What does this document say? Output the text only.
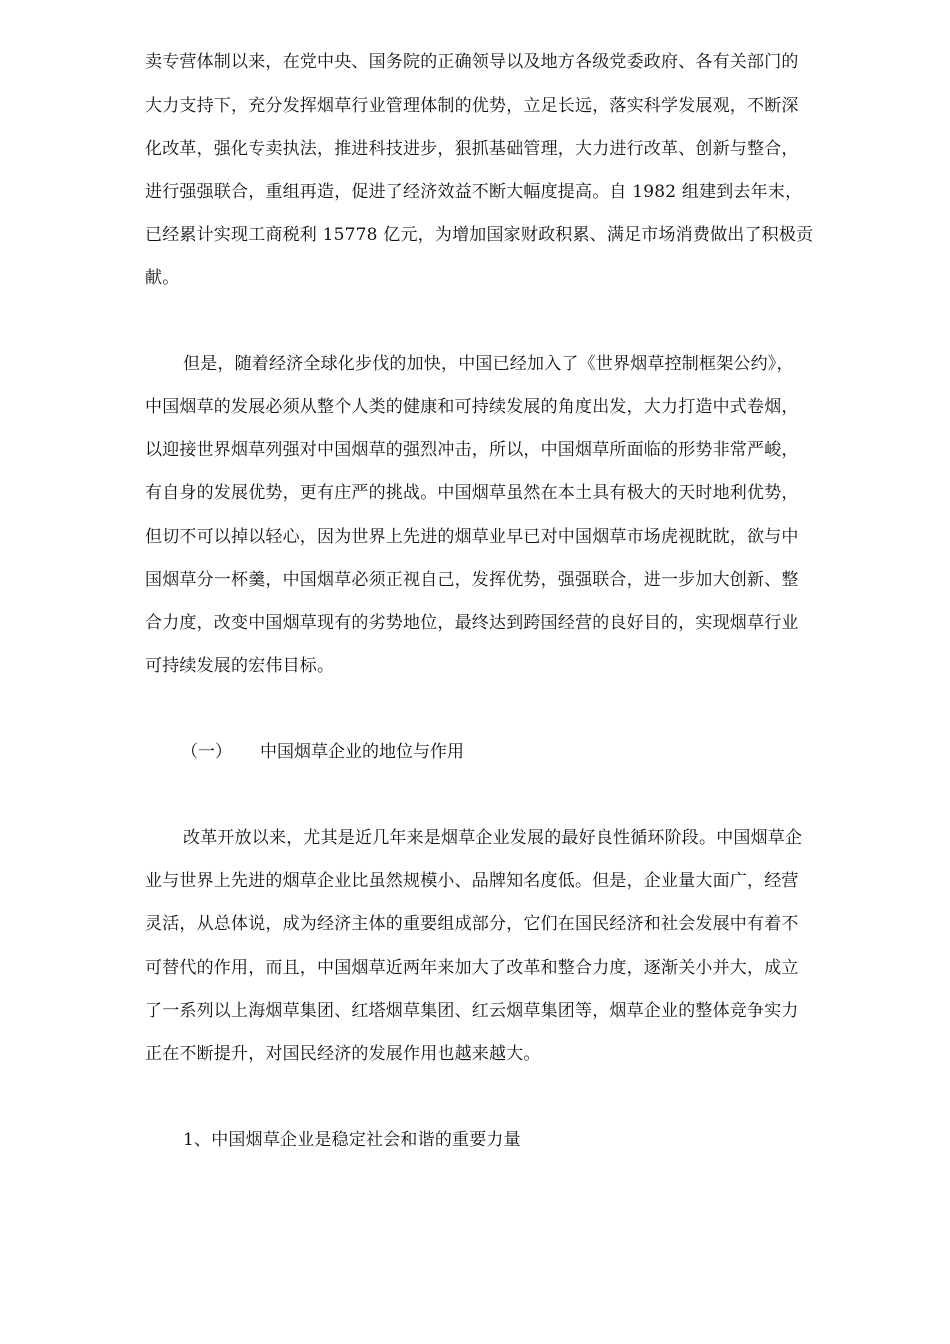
卖专营体制以来，在党中央、国务院的正确领导以及地方各级党委政府、各有关部门的
大力支持下，充分发挥烟草行业管理体制的优势，立足长远，落实科学发展观，不断深
化改革，强化专卖执法，推进科技进步，狠抓基础管理，大力进行改革、创新与整合，
进行强强联合，重组再造，促进了经济效益不断大幅度提高。自 1982 组建到去年末，
已经累计实现工商税利 15778 亿元，为增加国家财政积累、满足市场消费做出了积极贡
献。
但是，随着经济全球化步伐的加快，中国已经加入了《世界烟草控制框架公约》，
中国烟草的发展必须从整个人类的健康和可持续发展的角度出发，大力打造中式卷烟，
以迎接世界烟草列强对中国烟草的强烈冲击，所以，中国烟草所面临的形势非常严峻，
有自身的发展优势，更有庄严的挑战。中国烟草虽然在本土具有极大的天时地利优势，
但切不可以掉以轻心，因为世界上先进的烟草业早已对中国烟草市场虎视眈眈，欲与中
国烟草分一杯羹，中国烟草必须正视自己，发挥优势，强强联合，进一步加大创新、整
合力度，改变中国烟草现有的劣势地位，最终达到跨国经营的良好目的，实现烟草行业
可持续发展的宏伟目标。
（一） 中国烟草企业的地位与作用
改革开放以来，尤其是近几年来是烟草企业发展的最好良性循环阶段。中国烟草企
业与世界上先进的烟草企业比虽然规模小、品牌知名度低。但是，企业量大面广，经营
灵活，从总体说，成为经济主体的重要组成部分，它们在国民经济和社会发展中有着不
可替代的作用，而且，中国烟草近两年来加大了改革和整合力度，逐渐关小并大，成立
了一系列以上海烟草集团、红塔烟草集团、红云烟草集团等，烟草企业的整体竞争实力
正在不断提升，对国民经济的发展作用也越来越大。
1、中国烟草企业是稳定社会和谐的重要力量
